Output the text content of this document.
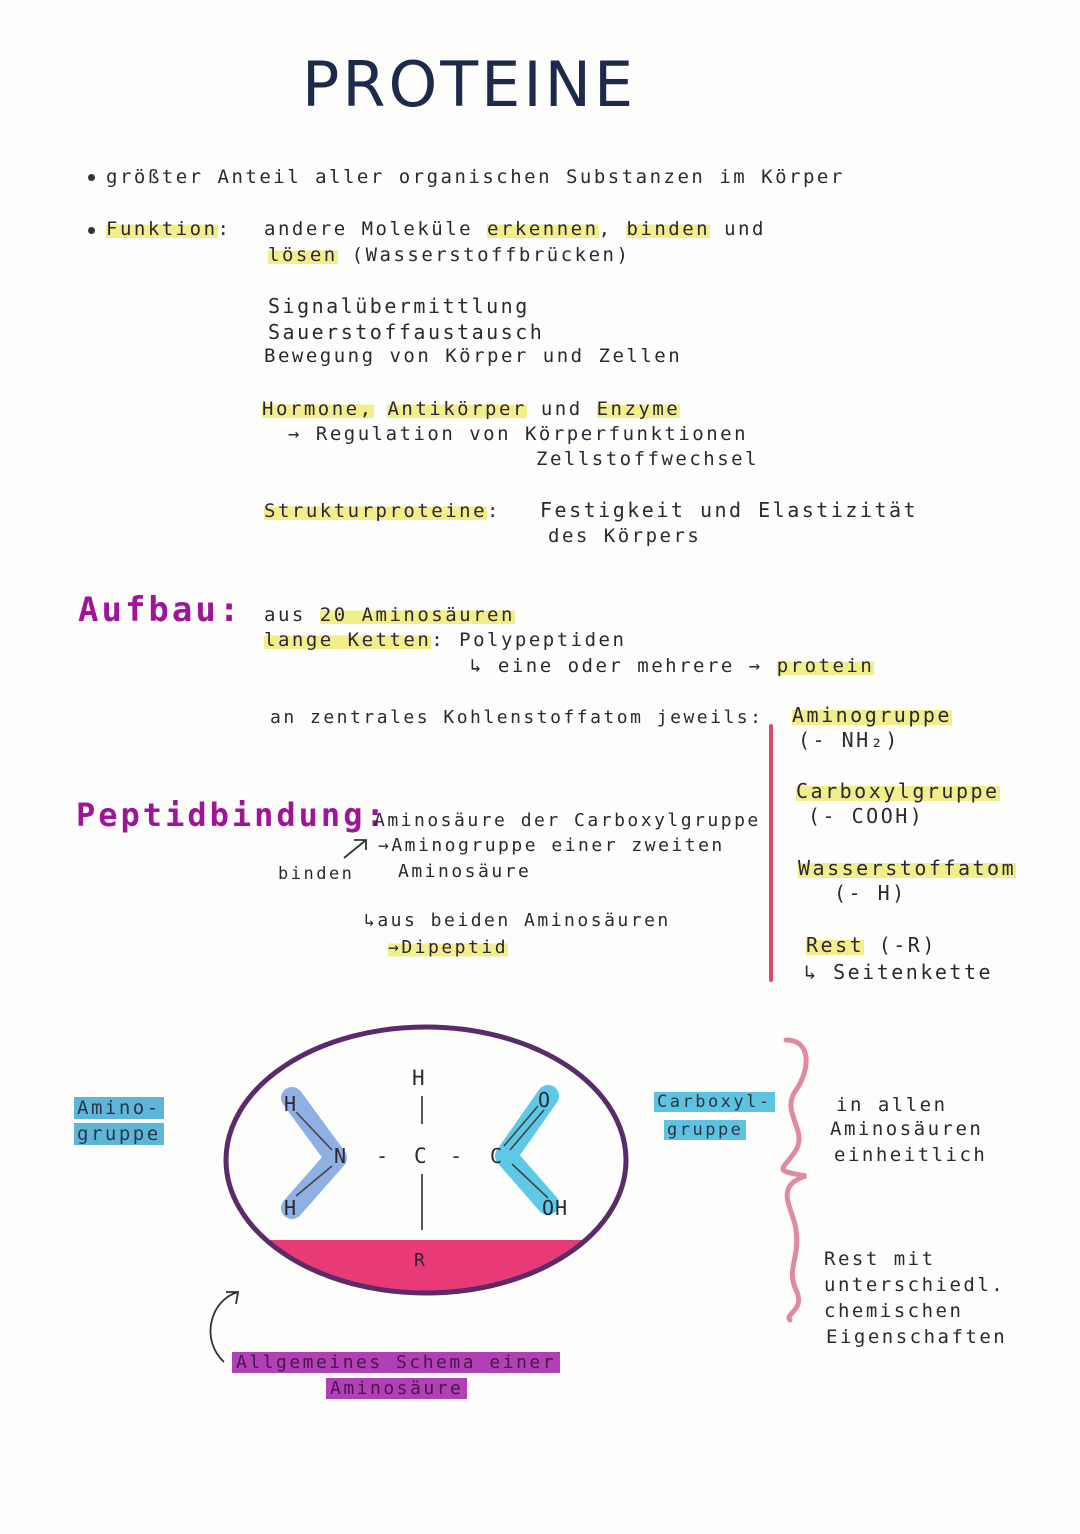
PROTEINE
größter Anteil aller organischen Substanzen im Körper
Funktion: andere Moleküle erkennen, binden und
lösen (Wasserstoffbrücken)
Signalübermittlung
Sauerstoffaustausch
Bewegung von Körper und Zellen
Hormone, Antikörper und Enzyme
→ Regulation von Körperfunktionen
Zellstoffwechsel
Strukturproteine: Festigkeit und Elastizität
des Körpers
Aufbau: aus 20 Aminosäuren
lange Ketten: Polypeptiden
↳ eine oder mehrere → protein
an zentrales Kohlenstoffatom jeweils: Aminogruppe
(- NH₂)
Carboxylgruppe
(- COOH)
Wasserstoffatom
(- H)
Rest (-R)
↳ Seitenkette
Peptidbindung:
Aminosäure der Carboxylgruppe
→Aminogruppe einer zweiten
Aminosäure
binden
↳aus beiden Aminosäuren
→Dipeptid
H
H
H
N - C - C
O
OH
R
Amino-
gruppe
Carboxyl-
gruppe
in allen
Aminosäuren
einheitlich
Rest mit
unterschiedl.
chemischen
Eigenschaften
Allgemeines Schema einer
Aminosäure
